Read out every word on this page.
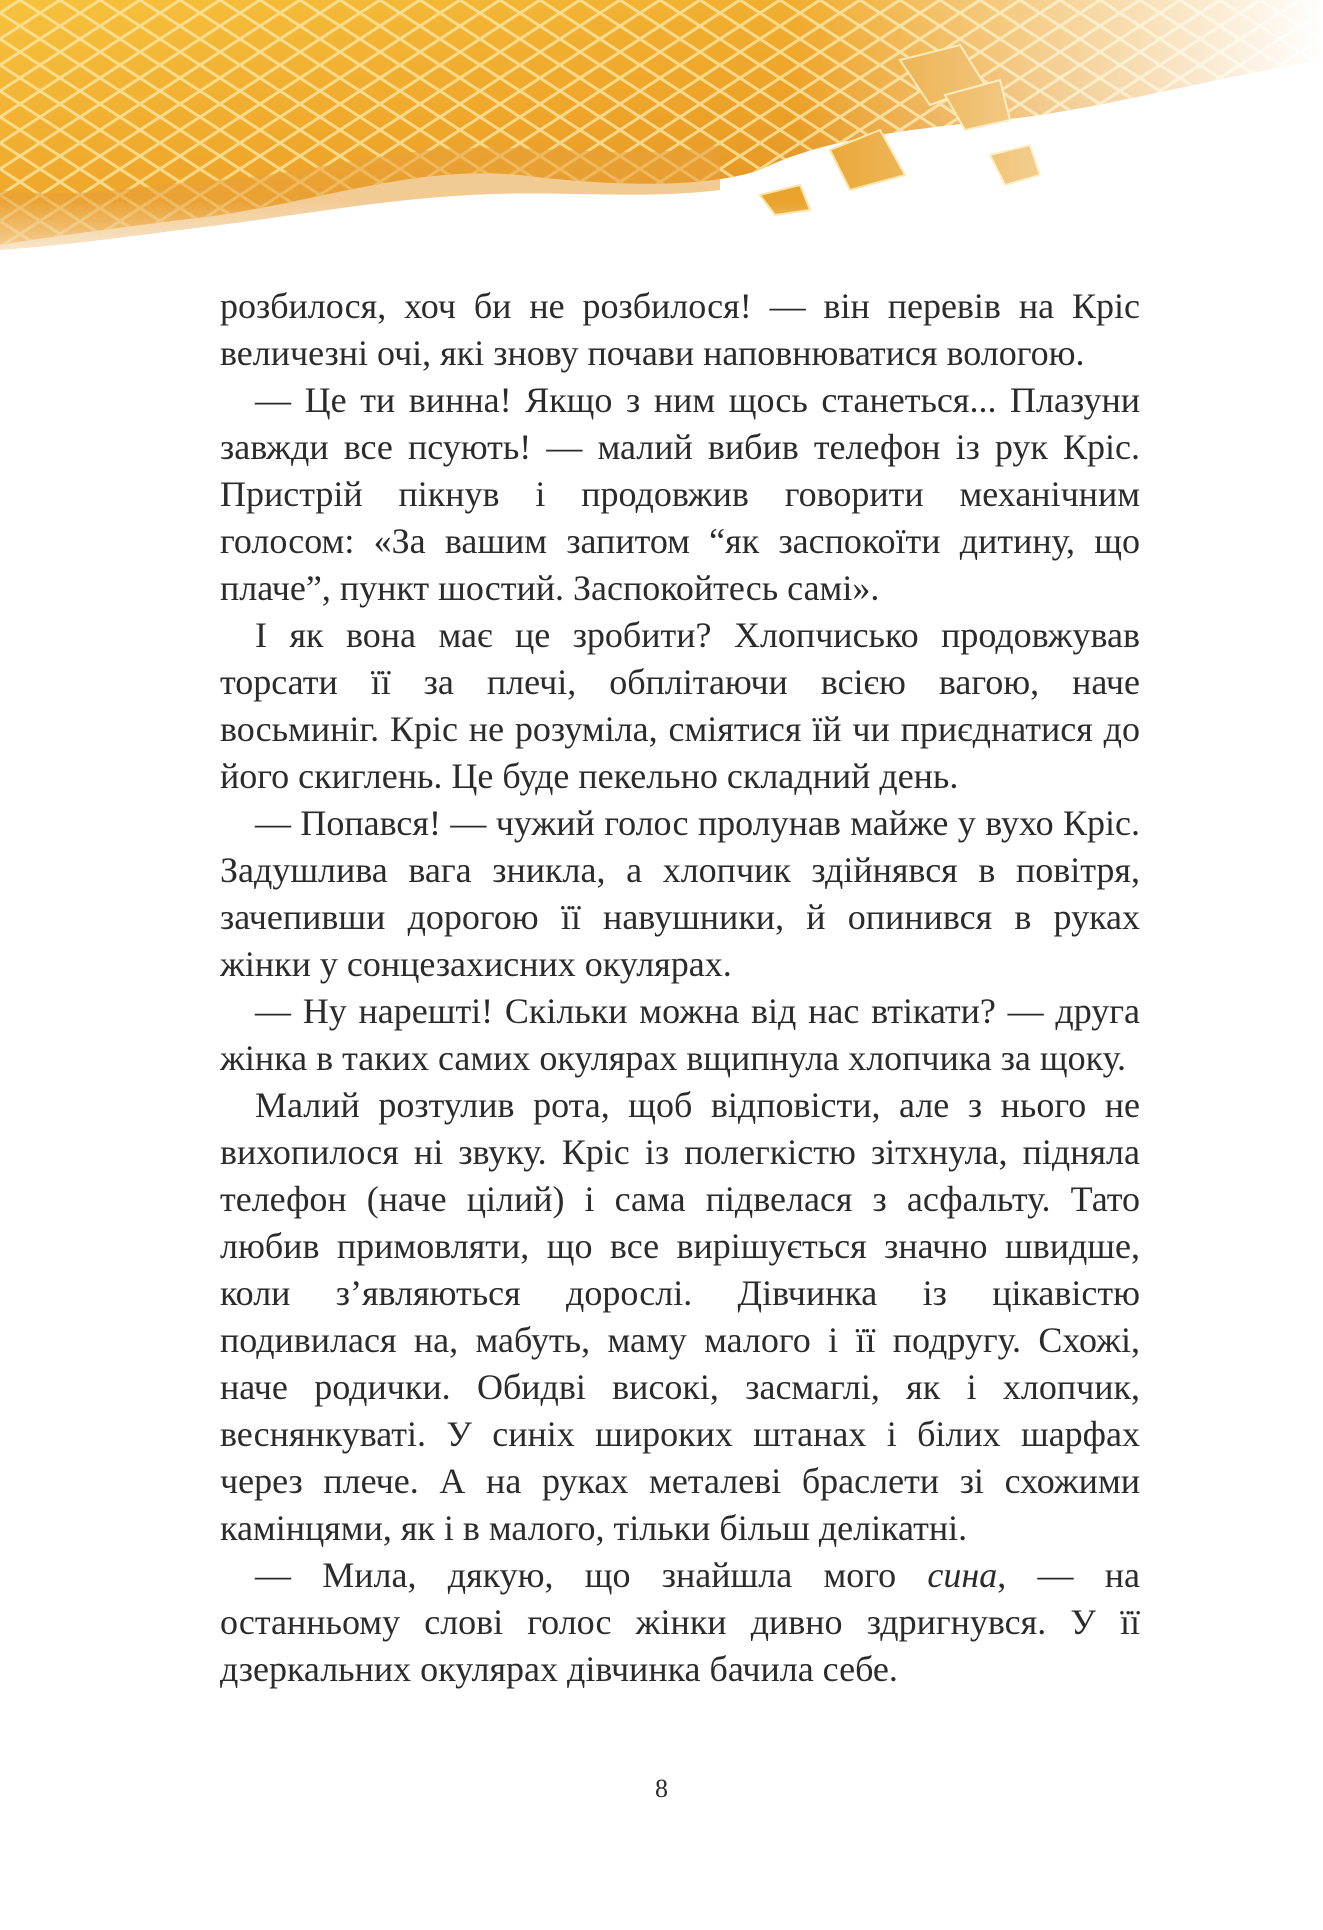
розбилося, хоч би не розбилося! — він перевів на Кріс величезні очі, які знову почави наповнюватися вологою.

— Це ти винна! Якщо з ним щось станеться... Плазуни завжди все псують! — малий вибив телефон із рук Кріс. Пристрій пікнув і продовжив говорити механічним голосом: «За вашим запитом “як заспокоїти дитину, що плаче”, пункт шостий. Заспокойтесь самі».

І як вона має це зробити? Хлопчисько продовжував торсати її за плечі, обплітаючи всією вагою, наче восьминіг. Кріс не розуміла, сміятися їй чи приєднатися до його скиглень. Це буде пекельно складний день.

— Попався! — чужий голос пролунав майже у вухо Кріс. Задушлива вага зникла, а хлопчик здійнявся в повітря, зачепивши дорогою її навушники, й опинився в руках жінки у сонцезахисних окулярах.

— Ну нарешті! Скільки можна від нас втікати? — друга жінка в таких самих окулярах вщипнула хлопчика за щоку.

Малий розтулив рота, щоб відповісти, але з нього не вихопилося ні звуку. Кріс із полегкістю зітхнула, підняла телефон (наче цілий) і сама підвелася з асфальту. Тато любив примовляти, що все вирішується значно швидше, коли з’являються дорослі. Дівчинка із цікавістю подивилася на, мабуть, маму малого і її подругу. Схожі, наче родички. Обидві високі, засмаглі, як і хлопчик, веснянкуваті. У синіх широких штанах і білих шарфах через плече. А на руках металеві браслети зі схожими камінцями, як і в малого, тільки більш делікатні.

— Мила, дякую, що знайшла мого сина, — на останньому слові голос жінки дивно здригнувся. У її дзеркальних окулярах дівчинка бачила себе.

8
